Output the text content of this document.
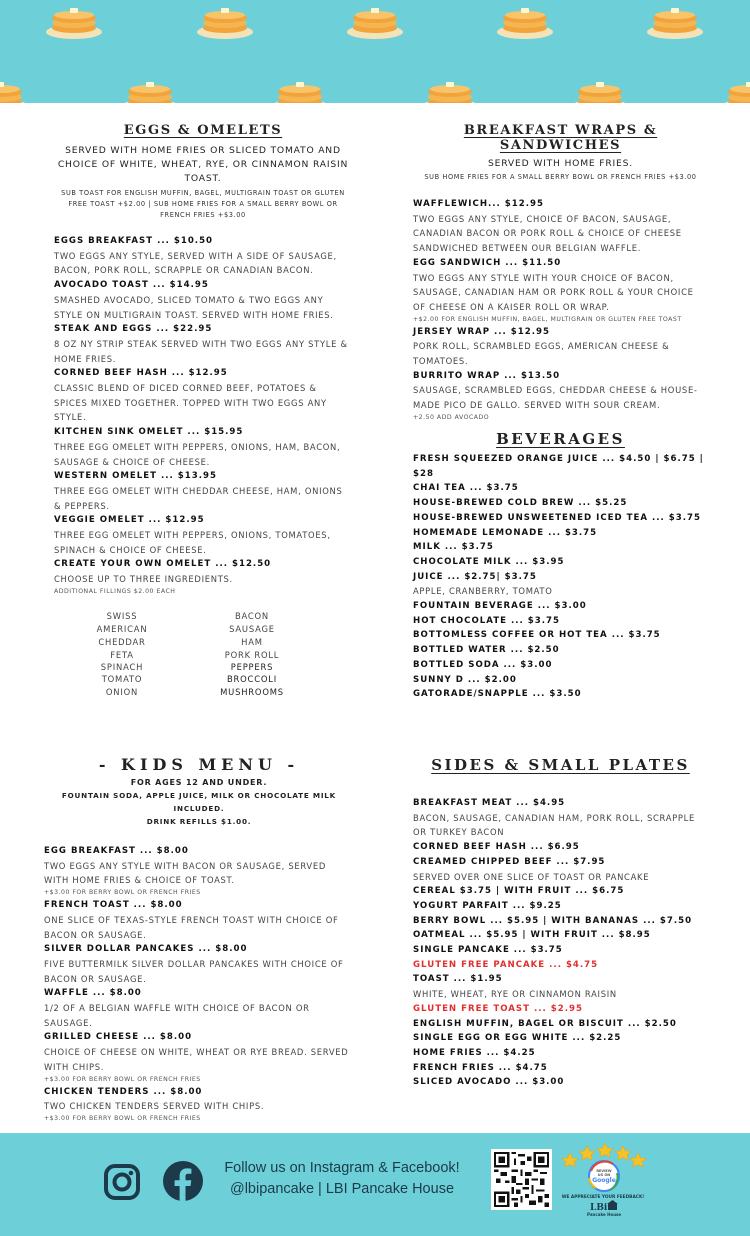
EGGS & OMELETS
SERVED WITH HOME FRIES OR SLICED TOMATO AND CHOICE OF WHITE, WHEAT, RYE, OR CINNAMON RAISIN TOAST.
SUB TOAST FOR ENGLISH MUFFIN, BAGEL, MULTIGRAIN TOAST OR GLUTEN FREE TOAST +$2.00 | SUB HOME FRIES FOR A SMALL BERRY BOWL OR FRENCH FRIES +$3.00
EGGS BREAKFAST ... $10.50
TWO EGGS ANY STYLE, SERVED WITH A SIDE OF SAUSAGE, BACON, PORK ROLL, SCRAPPLE OR CANADIAN BACON.
AVOCADO TOAST ... $14.95
SMASHED AVOCADO, SLICED TOMATO & TWO EGGS ANY STYLE ON MULTIGRAIN TOAST. SERVED WITH HOME FRIES.
STEAK AND EGGS ... $22.95
8 OZ NY STRIP STEAK SERVED WITH TWO EGGS ANY STYLE & HOME FRIES.
CORNED BEEF HASH ... $12.95
CLASSIC BLEND OF DICED CORNED BEEF, POTATOES & SPICES MIXED TOGETHER. TOPPED WITH TWO EGGS ANY STYLE.
KITCHEN SINK OMELET ... $15.95
THREE EGG OMELET WITH PEPPERS, ONIONS, HAM, BACON, SAUSAGE & CHOICE OF CHEESE.
WESTERN OMELET ... $13.95
THREE EGG OMELET WITH CHEDDAR CHEESE, HAM, ONIONS & PEPPERS.
VEGGIE OMELET ... $12.95
THREE EGG OMELET WITH PEPPERS, ONIONS, TOMATOES, SPINACH & CHOICE OF CHEESE.
CREATE YOUR OWN OMELET ... $12.50
CHOOSE UP TO THREE INGREDIENTS.
ADDITIONAL FILLINGS $2.00 EACH
SWISS
AMERICAN
CHEDDAR
FETA
SPINACH
TOMATO
ONION
BACON
SAUSAGE
HAM
PORK ROLL
PEPPERS
BROCCOLI
MUSHROOMS
BREAKFAST WRAPS & SANDWICHES
SERVED WITH HOME FRIES.
SUB HOME FRIES FOR A SMALL BERRY BOWL OR FRENCH FRIES +$3.00
WAFFLEWICH... $12.95
TWO EGGS ANY STYLE, CHOICE OF BACON, SAUSAGE, CANADIAN BACON OR PORK ROLL & CHOICE OF CHEESE SANDWICHED BETWEEN OUR BELGIAN WAFFLE.
EGG SANDWICH ... $11.50
TWO EGGS ANY STYLE WITH YOUR CHOICE OF BACON, SAUSAGE, CANADIAN HAM OR PORK ROLL & YOUR CHOICE OF CHEESE ON A KAISER ROLL OR WRAP.
+$2.00 FOR ENGLISH MUFFIN, BAGEL, MULTIGRAIN OR GLUTEN FREE TOAST
JERSEY WRAP ... $12.95
PORK ROLL, SCRAMBLED EGGS, AMERICAN CHEESE & TOMATOES.
BURRITO WRAP ... $13.50
SAUSAGE, SCRAMBLED EGGS, CHEDDAR CHEESE & HOUSE-MADE PICO DE GALLO. SERVED WITH SOUR CREAM.
+2.50 ADD AVOCADO
BEVERAGES
FRESH SQUEEZED ORANGE JUICE ... $4.50 | $6.75 | $28
CHAI TEA ... $3.75
HOUSE-BREWED COLD BREW ... $5.25
HOUSE-BREWED UNSWEETENED ICED TEA ... $3.75
HOMEMADE LEMONADE ... $3.75
MILK ... $3.75
CHOCOLATE MILK ... $3.95
JUICE ... $2.75| $3.75
APPLE, CRANBERRY, TOMATO
FOUNTAIN BEVERAGE ... $3.00
HOT CHOCOLATE ... $3.75
BOTTOMLESS COFFEE OR HOT TEA ... $3.75
BOTTLED WATER ... $2.50
BOTTLED SODA ... $3.00
SUNNY D ... $2.00
GATORADE/SNAPPLE ... $3.50
- KIDS MENU -
FOR AGES 12 AND UNDER.
FOUNTAIN SODA, APPLE JUICE, MILK OR CHOCOLATE MILK INCLUDED.
DRINK REFILLS $1.00.
EGG BREAKFAST ... $8.00
TWO EGGS ANY STYLE WITH BACON OR SAUSAGE, SERVED WITH HOME FRIES & CHOICE OF TOAST.
+$3.00 FOR BERRY BOWL OR FRENCH FRIES
FRENCH TOAST ... $8.00
ONE SLICE OF TEXAS-STYLE FRENCH TOAST WITH CHOICE OF BACON OR SAUSAGE.
SILVER DOLLAR PANCAKES ... $8.00
FIVE BUTTERMILK SILVER DOLLAR PANCAKES WITH CHOICE OF BACON OR SAUSAGE.
WAFFLE ... $8.00
1/2 OF A BELGIAN WAFFLE WITH CHOICE OF BACON OR SAUSAGE.
GRILLED CHEESE ... $8.00
CHOICE OF CHEESE ON WHITE, WHEAT OR RYE BREAD. SERVED WITH CHIPS.
+$3.00 FOR BERRY BOWL OR FRENCH FRIES
CHICKEN TENDERS ... $8.00
TWO CHICKEN TENDERS SERVED WITH CHIPS.
+$3.00 FOR BERRY BOWL OR FRENCH FRIES
SIDES & SMALL PLATES
BREAKFAST MEAT ... $4.95
BACON, SAUSAGE, CANADIAN HAM, PORK ROLL, SCRAPPLE OR TURKEY BACON
CORNED BEEF HASH ... $6.95
CREAMED CHIPPED BEEF ... $7.95
SERVED OVER ONE SLICE OF TOAST OR PANCAKE
CEREAL $3.75 | WITH FRUIT ... $6.75
YOGURT PARFAIT ... $9.25
BERRY BOWL ... $5.95 | WITH BANANAS ... $7.50
OATMEAL ... $5.95 | WITH FRUIT ... $8.95
SINGLE PANCAKE ... $3.75
GLUTEN FREE PANCAKE ... $4.75
TOAST ... $1.95
WHITE, WHEAT, RYE OR CINNAMON RAISIN
GLUTEN FREE TOAST ... $2.95
ENGLISH MUFFIN, BAGEL OR BISCUIT ... $2.50
SINGLE EGG OR EGG WHITE ... $2.25
HOME FRIES ... $4.25
FRENCH FRIES ... $4.75
SLICED AVOCADO ... $3.00
Follow us on Instagram & Facebook!
@lbipancake | LBI Pancake House
REVIEW
US ON
Google
WE APPRECIATE YOUR FEEDBACK!
LBi
Pancake House
